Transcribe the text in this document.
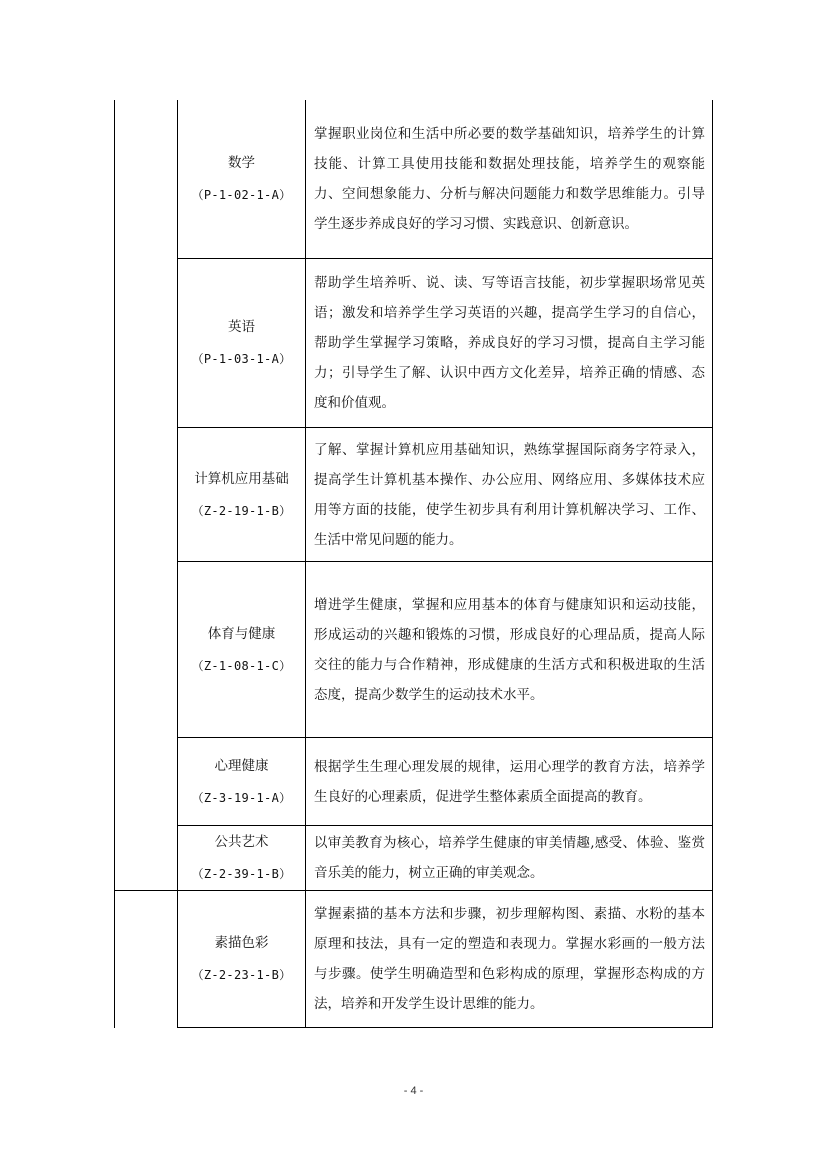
数学
（P-1-02-1-A）
掌握职业岗位和生活中所必要的数学基础知识，培养学生的计算技能、计算工具使用技能和数据处理技能，培养学生的观察能力、空间想象能力、分析与解决问题能力和数学思维能力。引导学生逐步养成良好的学习习惯、实践意识、创新意识。
英语
（P-1-03-1-A）
帮助学生培养听、说、读、写等语言技能，初步掌握职场常见英语；激发和培养学生学习英语的兴趣，提高学生学习的自信心，帮助学生掌握学习策略，养成良好的学习习惯，提高自主学习能力；引导学生了解、认识中西方文化差异，培养正确的情感、态度和价值观。
计算机应用基础
（Z-2-19-1-B）
了解、掌握计算机应用基础知识，熟练掌握国际商务字符录入，提高学生计算机基本操作、办公应用、网络应用、多媒体技术应用等方面的技能，使学生初步具有利用计算机解决学习、工作、生活中常见问题的能力。
体育与健康
（Z-1-08-1-C）
增进学生健康，掌握和应用基本的体育与健康知识和运动技能，形成运动的兴趣和锻炼的习惯，形成良好的心理品质，提高人际交往的能力与合作精神，形成健康的生活方式和积极进取的生活态度，提高少数学生的运动技术水平。
心理健康
（Z-3-19-1-A）
根据学生生理心理发展的规律，运用心理学的教育方法，培养学生良好的心理素质，促进学生整体素质全面提高的教育。
公共艺术
（Z-2-39-1-B）
以审美教育为核心，培养学生健康的审美情趣,感受、体验、鉴赏音乐美的能力，树立正确的审美观念。
素描色彩
（Z-2-23-1-B）
掌握素描的基本方法和步骤，初步理解构图、素描、水粉的基本原理和技法，具有一定的塑造和表现力。掌握水彩画的一般方法与步骤。使学生明确造型和色彩构成的原理，掌握形态构成的方法，培养和开发学生设计思维的能力。
- 4 -
